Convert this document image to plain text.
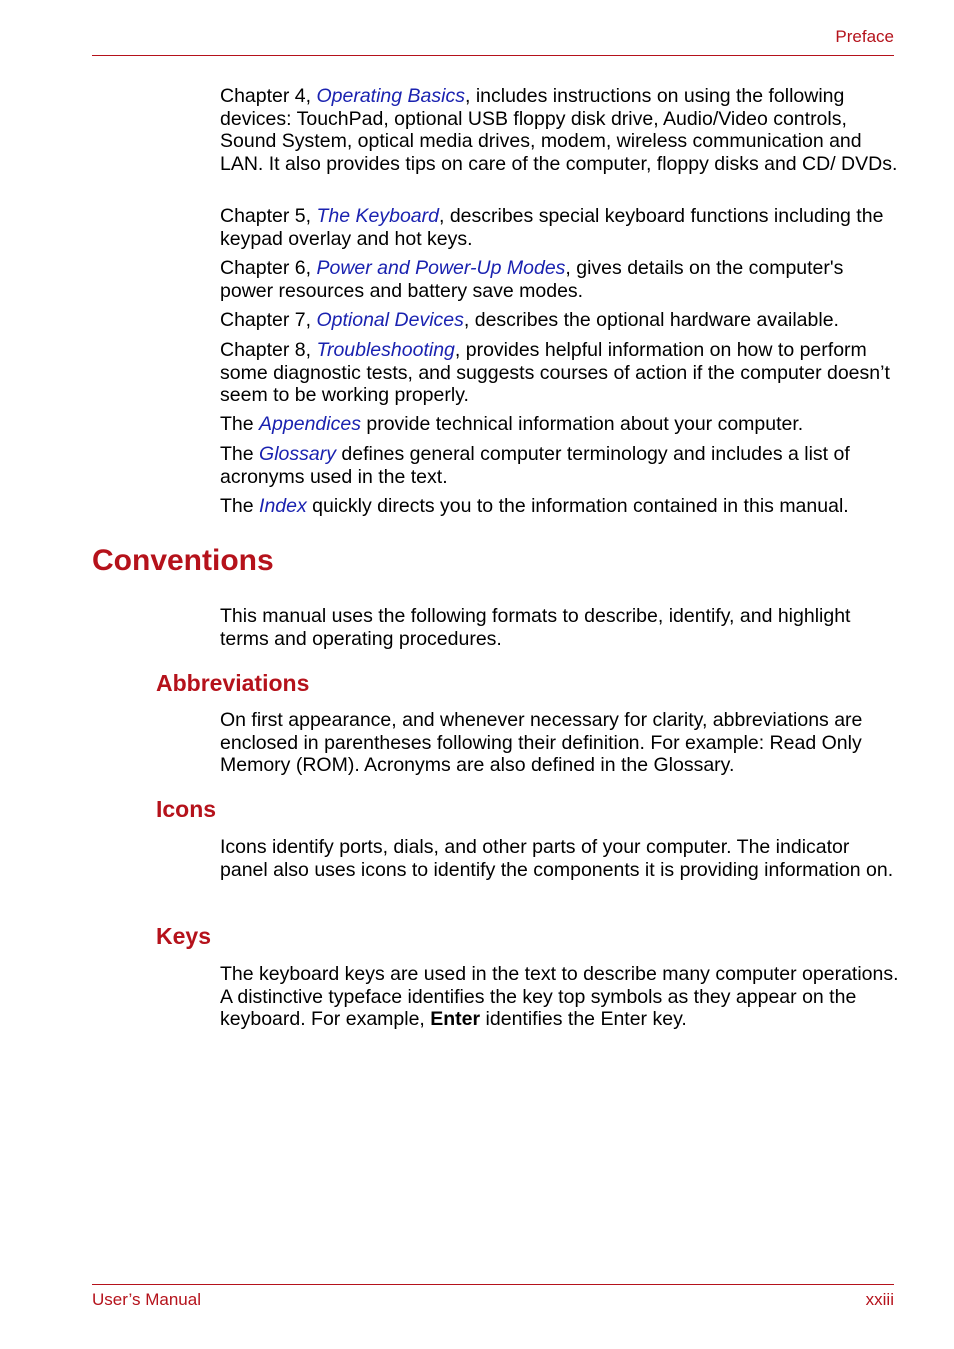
Preface

Chapter 4, Operating Basics, includes instructions on using the following devices: TouchPad, optional USB floppy disk drive, Audio/Video controls, Sound System, optical media drives, modem, wireless communication and LAN. It also provides tips on care of the computer, floppy disks and CD/ DVDs.

Chapter 5, The Keyboard, describes special keyboard functions including the keypad overlay and hot keys.

Chapter 6, Power and Power-Up Modes, gives details on the computer's power resources and battery save modes.

Chapter 7, Optional Devices, describes the optional hardware available.

Chapter 8, Troubleshooting, provides helpful information on how to perform some diagnostic tests, and suggests courses of action if the computer doesn’t seem to be working properly.

The Appendices provide technical information about your computer.

The Glossary defines general computer terminology and includes a list of acronyms used in the text.

The Index quickly directs you to the information contained in this manual.

Conventions

This manual uses the following formats to describe, identify, and highlight terms and operating procedures.

Abbreviations

On first appearance, and whenever necessary for clarity, abbreviations are enclosed in parentheses following their definition. For example: Read Only Memory (ROM). Acronyms are also defined in the Glossary.

Icons

Icons identify ports, dials, and other parts of your computer. The indicator panel also uses icons to identify the components it is providing information on.

Keys

The keyboard keys are used in the text to describe many computer operations. A distinctive typeface identifies the key top symbols as they appear on the keyboard. For example, Enter identifies the Enter key.

User’s Manual	xxiii
